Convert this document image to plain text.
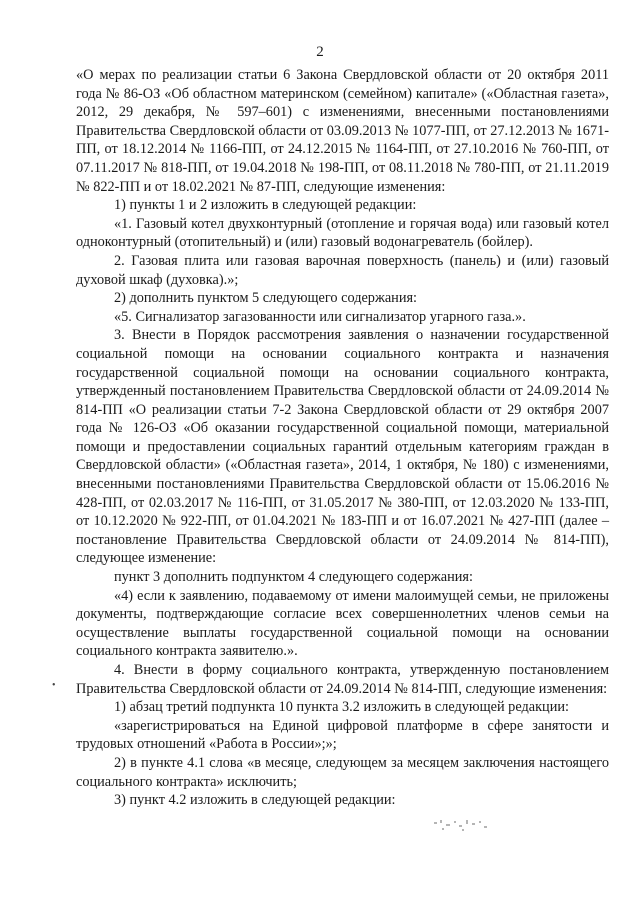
2

«О мерах по реализации статьи 6 Закона Свердловской области от 20 октября 2011 года № 86-ОЗ «Об областном материнском (семейном) капитале» («Областная газета», 2012, 29 декабря, № 597–601) с изменениями, внесенными постановлениями Правительства Свердловской области от 03.09.2013 № 1077-ПП, от 27.12.2013 № 1671-ПП, от 18.12.2014 № 1166-ПП, от 24.12.2015 № 1164-ПП, от 27.10.2016 № 760-ПП, от 07.11.2017 № 818-ПП, от 19.04.2018 № 198-ПП, от 08.11.2018 № 780-ПП, от 21.11.2019 № 822-ПП и от 18.02.2021 № 87-ПП, следующие изменения:

1) пункты 1 и 2 изложить в следующей редакции:

«1. Газовый котел двухконтурный (отопление и горячая вода) или газовый котел одноконтурный (отопительный) и (или) газовый водонагреватель (бойлер).

2. Газовая плита или газовая варочная поверхность (панель) и (или) газовый духовой шкаф (духовка).»;

2) дополнить пунктом 5 следующего содержания:

«5. Сигнализатор загазованности или сигнализатор угарного газа.».

3. Внести в Порядок рассмотрения заявления о назначении государственной социальной помощи на основании социального контракта и назначения государственной социальной помощи на основании социального контракта, утвержденный постановлением Правительства Свердловской области от 24.09.2014 № 814-ПП «О реализации статьи 7-2 Закона Свердловской области от 29 октября 2007 года № 126-ОЗ «Об оказании государственной социальной помощи, материальной помощи и предоставлении социальных гарантий отдельным категориям граждан в Свердловской области» («Областная газета», 2014, 1 октября, № 180) с изменениями, внесенными постановлениями Правительства Свердловской области от 15.06.2016 № 428-ПП, от 02.03.2017 № 116-ПП, от 31.05.2017 № 380-ПП, от 12.03.2020 № 133-ПП, от 10.12.2020 № 922-ПП, от 01.04.2021 № 183-ПП и от 16.07.2021 № 427-ПП (далее – постановление Правительства Свердловской области от 24.09.2014 № 814-ПП), следующее изменение:

пункт 3 дополнить подпунктом 4 следующего содержания:

«4) если к заявлению, подаваемому от имени малоимущей семьи, не приложены документы, подтверждающие согласие всех совершеннолетних членов семьи на осуществление выплаты государственной социальной помощи на основании социального контракта заявителю.».

4. Внести в форму социального контракта, утвержденную постановлением Правительства Свердловской области от 24.09.2014 № 814-ПП, следующие изменения:

1) абзац третий подпункта 10 пункта 3.2 изложить в следующей редакции:

«зарегистрироваться на Единой цифровой платформе в сфере занятости и трудовых отношений «Работа в России»;»;

2) в пункте 4.1 слова «в месяце, следующем за месяцем заключения настоящего социального контракта» исключить;

3) пункт 4.2 изложить в следующей редакции:

•
